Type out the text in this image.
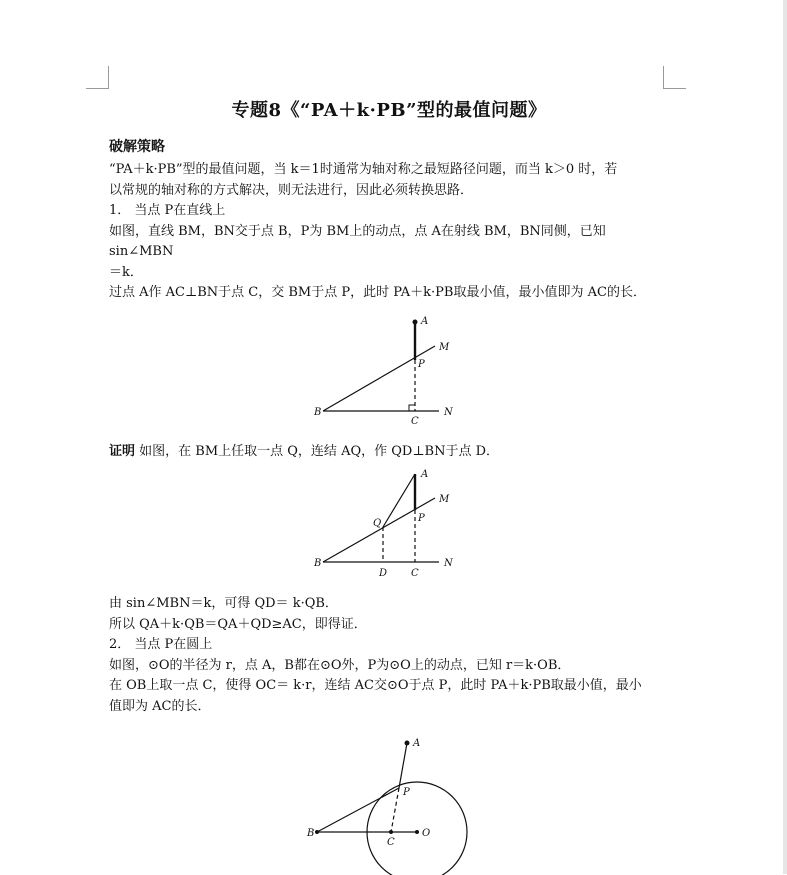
专题8《“PA＋k·PB”型的最值问题》
破解策略

“PA＋k·PB”型的最值问题，当 k＝1时通常为轴对称之最短路径问题，而当 k＞0 时，若

以常规的轴对称的方式解决，则无法进行，因此必须转换思路．

1． 当点 P在直线上

如图，直线 BM，BN交于点 B，P为 BM上的动点，点 A在射线 BM，BN同侧，已知 sin∠MBN

＝k．

过点 A作 AC⊥BN于点 C，交 BM于点 P，此时 PA＋k·PB取最小值，最小值即为 AC的长．

A
M
P
B
C
N

证明 如图，在 BM上任取一点 Q，连结 AQ，作 QD⊥BN于点 D．

A
M
Q	P
B
D C
N

由 sin∠MBN＝k，可得 QD＝ k·QB．

所以 QA＋k·QB＝QA＋QD≥AC，即得证．

2． 当点 P在圆上

如图，⊙O的半径为 r，点 A，B都在⊙O外，P为⊙O上的动点，已知 r＝k·OB．

在 OB上取一点 C，使得 OC＝ k·r，连结 AC交⊙O于点 P，此时 PA＋k·PB取最小值，最小

值即为 AC的长．

A
P
B
C
O
